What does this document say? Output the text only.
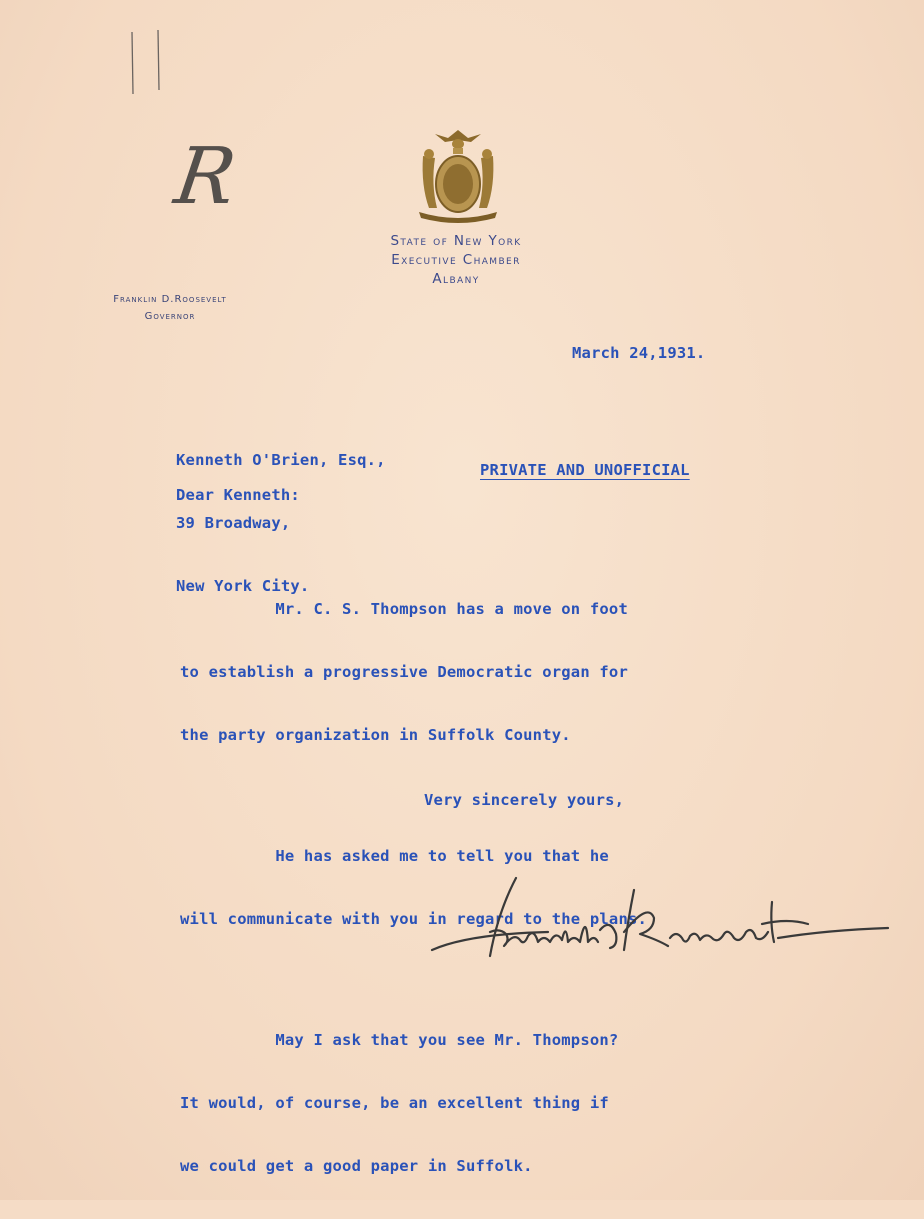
R
State of New York
Executive Chamber
Albany
Franklin D.Roosevelt
Governor
March 24,1931.

Kenneth O'Brien, Esq.,

39 Broadway,

New York City.

PRIVATE AND UNOFFICIAL
Dear Kenneth:

Mr. C. S. Thompson has a move on foot

to establish a progressive Democratic organ for

the party organization in Suffolk County.

He has asked me to tell you that he

will communicate with you in regard to the plans.

May I ask that you see Mr. Thompson?

It would, of course, be an excellent thing if

we could get a good paper in Suffolk.

Very sincerely yours,
